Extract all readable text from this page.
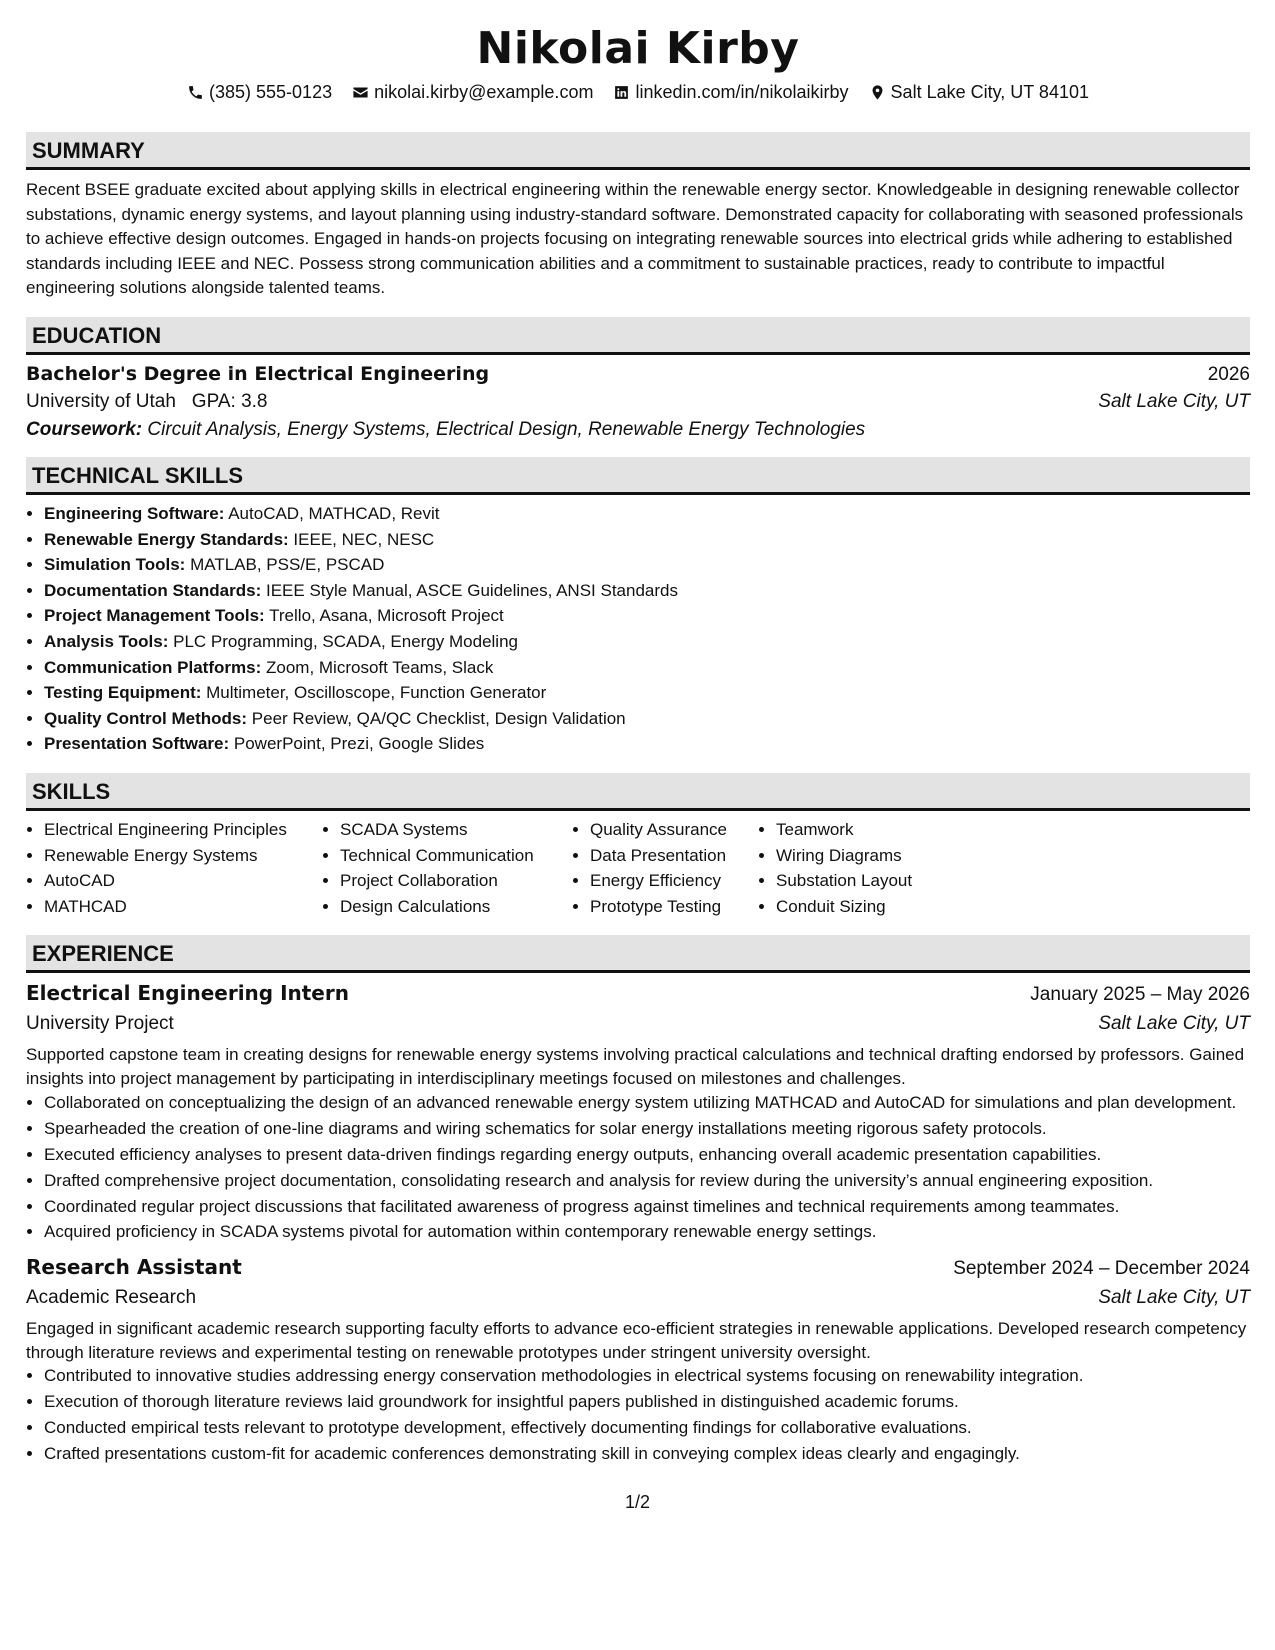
Nikolai Kirby
(385) 555-0123 nikolai.kirby@example.com linkedin.com/in/nikolaikirby Salt Lake City, UT 84101
SUMMARY

Recent BSEE graduate excited about applying skills in electrical engineering within the renewable energy sector. Knowledgeable in designing renewable collector substations, dynamic energy systems, and layout planning using industry-standard software. Demonstrated capacity for collaborating with seasoned professionals to achieve effective design outcomes. Engaged in hands-on projects focusing on integrating renewable sources into electrical grids while adhering to established standards including IEEE and NEC. Possess strong communication abilities and a commitment to sustainable practices, ready to contribute to impactful engineering solutions alongside talented teams.

EDUCATION
Bachelor's Degree in Electrical Engineering	2026
University of Utah GPA: 3.8	Salt Lake City, UT
Coursework: Circuit Analysis, Energy Systems, Electrical Design, Renewable Energy Technologies
TECHNICAL SKILLS
• Engineering Software: AutoCAD, MATHCAD, Revit
• Renewable Energy Standards: IEEE, NEC, NESC
• Simulation Tools: MATLAB, PSS/E, PSCAD
• Documentation Standards: IEEE Style Manual, ASCE Guidelines, ANSI Standards
• Project Management Tools: Trello, Asana, Microsoft Project
• Analysis Tools: PLC Programming, SCADA, Energy Modeling
• Communication Platforms: Zoom, Microsoft Teams, Slack
• Testing Equipment: Multimeter, Oscilloscope, Function Generator
• Quality Control Methods: Peer Review, QA/QC Checklist, Design Validation
• Presentation Software: PowerPoint, Prezi, Google Slides
SKILLS
• Electrical Engineering Principles
• Renewable Energy Systems
• AutoCAD
• MATHCAD
• SCADA Systems
• Technical Communication
• Project Collaboration
• Design Calculations
• Quality Assurance
• Data Presentation
• Energy Efficiency
• Prototype Testing
• Teamwork
• Wiring Diagrams
• Substation Layout
• Conduit Sizing
EXPERIENCE
Electrical Engineering Intern	January 2025 – May 2026
University Project	Salt Lake City, UT

Supported capstone team in creating designs for renewable energy systems involving practical calculations and technical drafting endorsed by professors. Gained insights into project management by participating in interdisciplinary meetings focused on milestones and challenges.

• Collaborated on conceptualizing the design of an advanced renewable energy system utilizing MATHCAD and AutoCAD for simulations and plan development.
• Spearheaded the creation of one-line diagrams and wiring schematics for solar energy installations meeting rigorous safety protocols.
• Executed efficiency analyses to present data-driven findings regarding energy outputs, enhancing overall academic presentation capabilities.
• Drafted comprehensive project documentation, consolidating research and analysis for review during the university’s annual engineering exposition.
• Coordinated regular project discussions that facilitated awareness of progress against timelines and technical requirements among teammates.
• Acquired proficiency in SCADA systems pivotal for automation within contemporary renewable energy settings.
Research Assistant	September 2024 – December 2024
Academic Research	Salt Lake City, UT

Engaged in significant academic research supporting faculty efforts to advance eco-efficient strategies in renewable applications. Developed research competency through literature reviews and experimental testing on renewable prototypes under stringent university oversight.

• Contributed to innovative studies addressing energy conservation methodologies in electrical systems focusing on renewability integration.
• Execution of thorough literature reviews laid groundwork for insightful papers published in distinguished academic forums.
• Conducted empirical tests relevant to prototype development, effectively documenting findings for collaborative evaluations.
• Crafted presentations custom-fit for academic conferences demonstrating skill in conveying complex ideas clearly and engagingly.
1/2
